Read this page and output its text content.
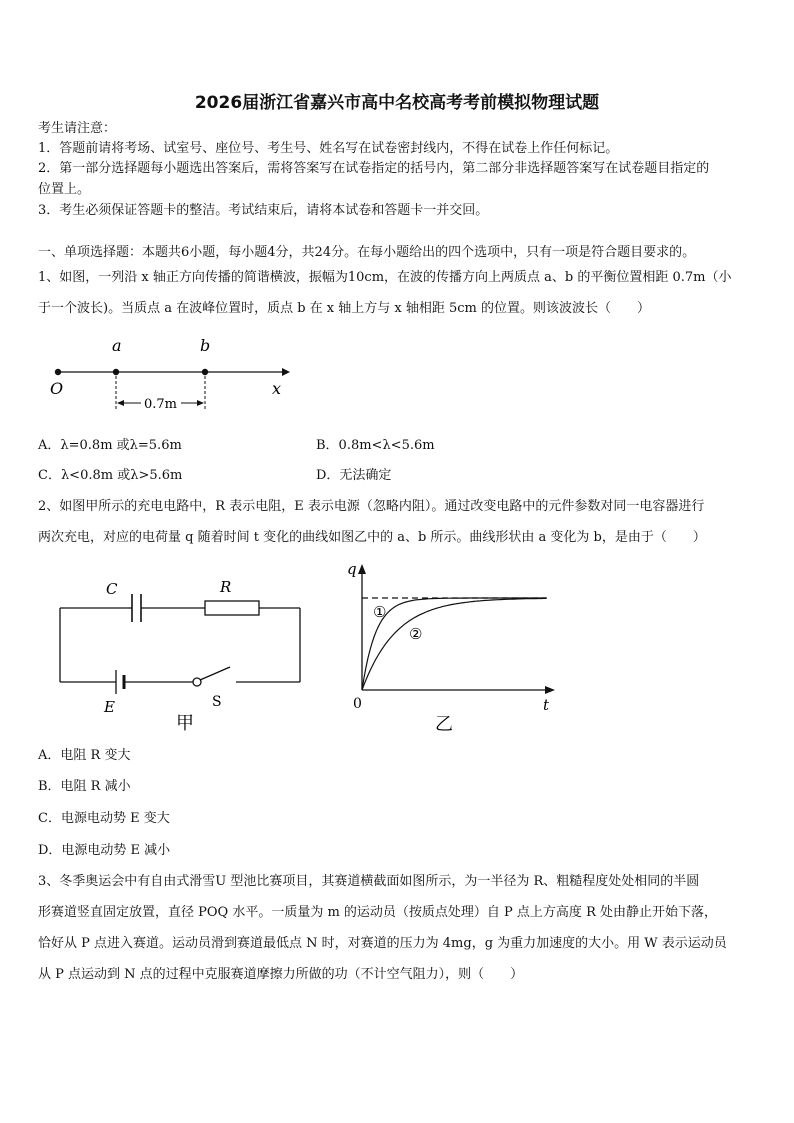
2026届浙江省嘉兴市高中名校高考考前模拟物理试题
考生请注意：
1．答题前请将考场、试室号、座位号、考生号、姓名写在试卷密封线内，不得在试卷上作任何标记。
2．第一部分选择题每小题选出答案后，需将答案写在试卷指定的括号内，第二部分非选择题答案写在试卷题目指定的
位置上。
3．考生必须保证答题卡的整洁。考试结束后，请将本试卷和答题卡一并交回。
一、单项选择题：本题共6小题，每小题4分，共24分。在每小题给出的四个选项中，只有一项是符合题目要求的。
1、如图，一列沿 x 轴正方向传播的简谐横波，振幅为10cm，在波的传播方向上两质点 a、b 的平衡位置相距 0.7m（小
于一个波长)。当质点 a 在波峰位置时，质点 b 在 x 轴上方与 x 轴相距 5cm 的位置。则该波波长（　　）
O
a	b
x
0.7m
A．λ=0.8m 或λ=5.6m	B．0.8m<λ<5.6m
C．λ<0.8m 或λ>5.6m	D．无法确定
2、如图甲所示的充电电路中，R 表示电阻，E 表示电源（忽略内阻）。通过改变电路中的元件参数对同一电容器进行
两次充电，对应的电荷量 q 随着时间 t 变化的曲线如图乙中的 a、b 所示。曲线形状由 a 变化为 b，是由于（　　）
C	R
E	S
甲
q
t
0
①
②
乙
A．电阻 R 变大
B．电阻 R 减小
C．电源电动势 E 变大
D．电源电动势 E 减小
3、冬季奥运会中有自由式滑雪U 型池比赛项目，其赛道横截面如图所示，为一半径为 R、粗糙程度处处相同的半圆
形赛道竖直固定放置，直径 POQ 水平。一质量为 m 的运动员（按质点处理）自 P 点上方高度 R 处由静止开始下落，
恰好从 P 点进入赛道。运动员滑到赛道最低点 N 时，对赛道的压力为 4mg，g 为重力加速度的大小。用 W 表示运动员
从 P 点运动到 N 点的过程中克服赛道摩擦力所做的功（不计空气阻力），则（　　）
